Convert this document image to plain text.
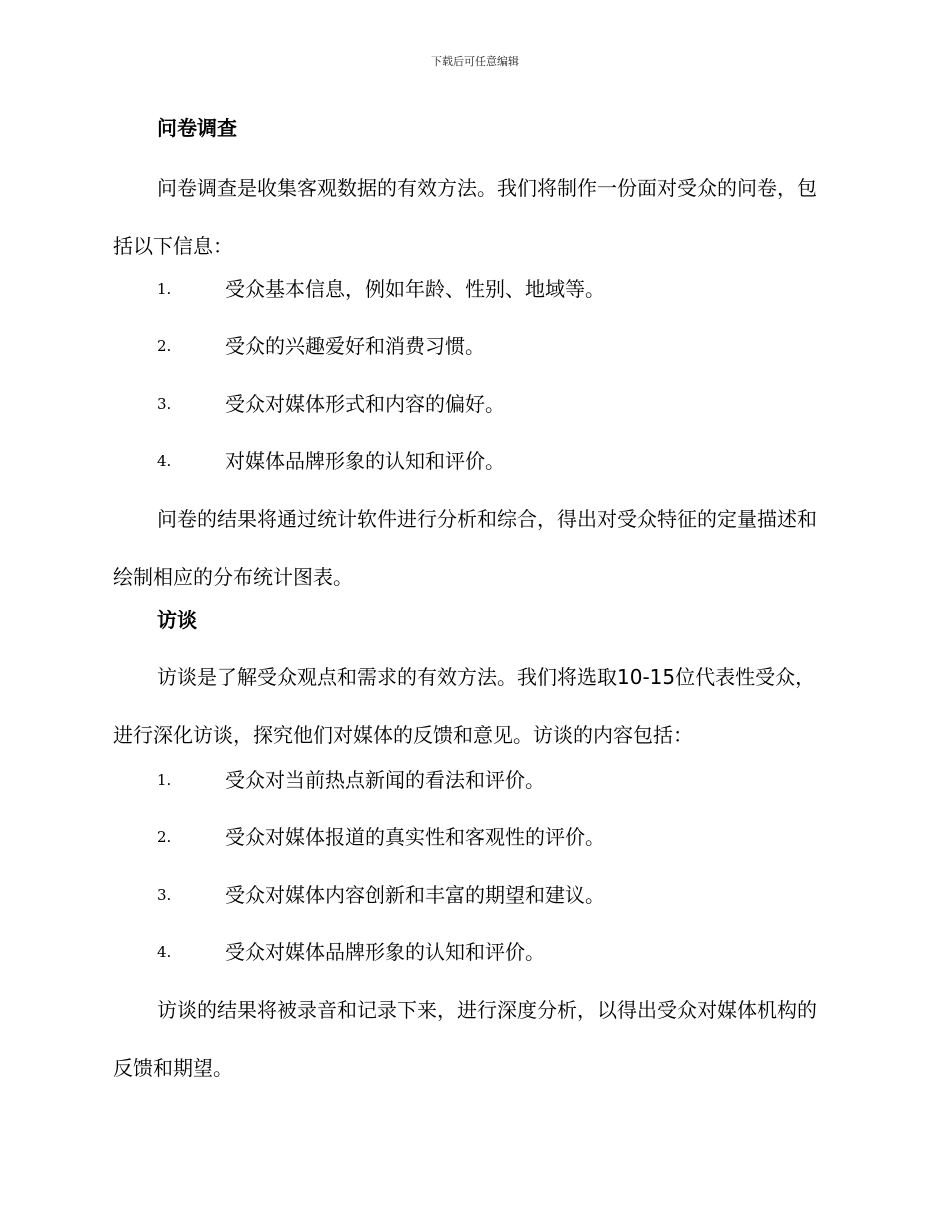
下载后可任意编辑
问卷调查

问卷调查是收集客观数据的有效方法。我们将制作一份面对受众的问卷，包括以下信息：

1.	受众基本信息，例如年龄、性别、地域等。
2.	受众的兴趣爱好和消费习惯。
3.	受众对媒体形式和内容的偏好。
4.	对媒体品牌形象的认知和评价。

问卷的结果将通过统计软件进行分析和综合，得出对受众特征的定量描述和绘制相应的分布统计图表。

访谈

访谈是了解受众观点和需求的有效方法。我们将选取10-15位代表性受众，进行深化访谈，探究他们对媒体的反馈和意见。访谈的内容包括：

1.	受众对当前热点新闻的看法和评价。
2.	受众对媒体报道的真实性和客观性的评价。
3.	受众对媒体内容创新和丰富的期望和建议。
4.	受众对媒体品牌形象的认知和评价。

访谈的结果将被录音和记录下来，进行深度分析，以得出受众对媒体机构的反馈和期望。
